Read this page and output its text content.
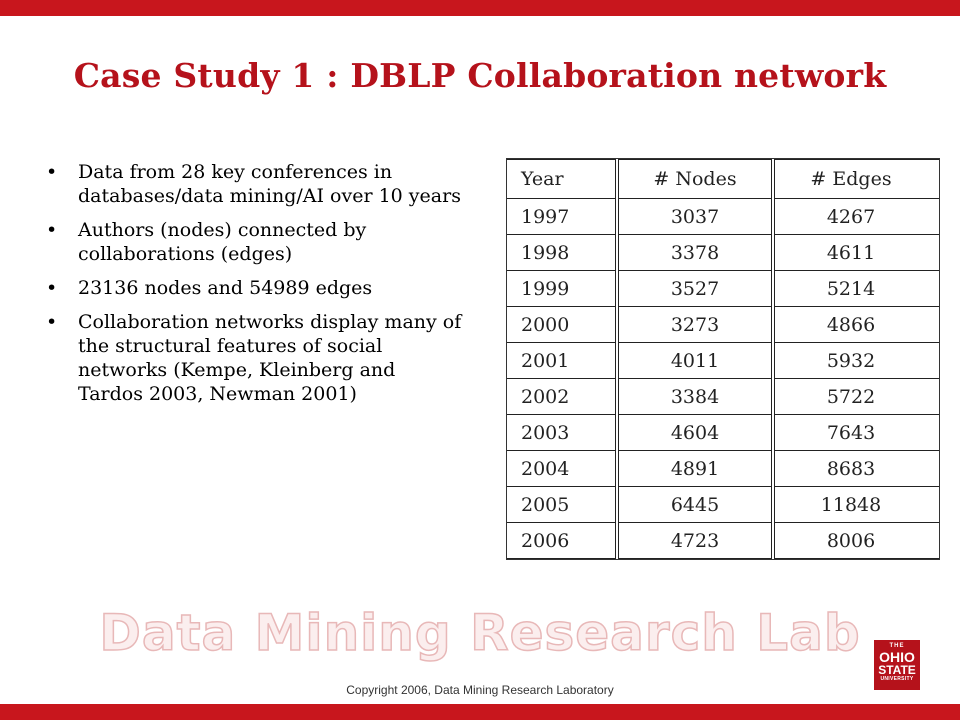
Case Study 1 : DBLP Collaboration network
• Data from 28 key conferences in databases/data mining/AI over 10 years
• Authors (nodes) connected by collaborations (edges)
• 23136 nodes and 54989 edges
• Collaboration networks display many of the structural features of social networks (Kempe, Kleinberg and Tardos 2003, Newman 2001)
Year	# Nodes	# Edges	
1997	3037	4267	
1998	3378	4611	
1999	3527	5214	
2000	3273	4866	
2001	4011	5932	
2002	3384	5722	
2003	4604	7643	
2004	4891	8683	
2005	6445	11848	
2006	4723	8006	
Data Mining Research Lab	THE
OHIO
STATE
UNIVERSITY
Copyright 2006, Data Mining Research Laboratory
